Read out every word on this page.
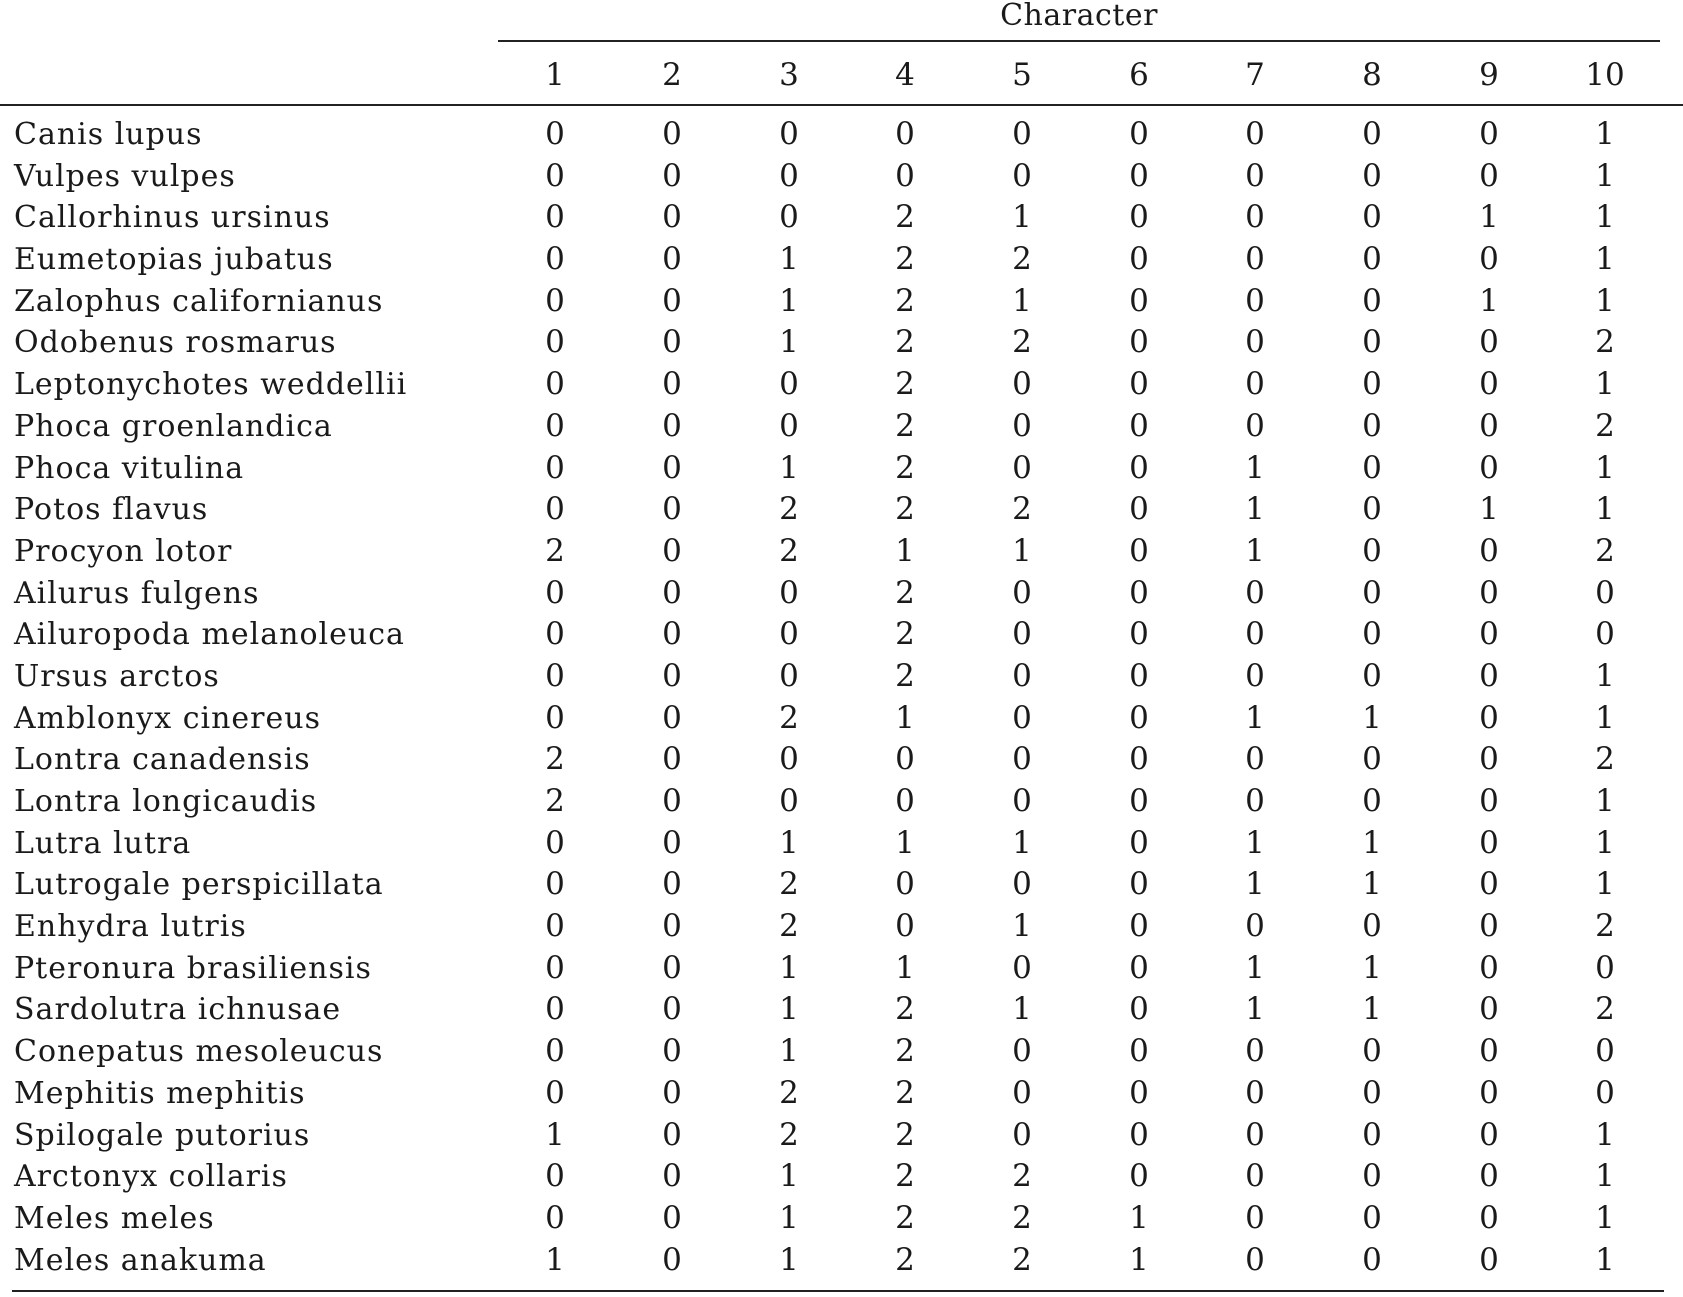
Character
1	2	3	4	5	6	7	8	9	10
Canis lupus	0	0	0	0	0	0	0	0	0	1
Vulpes vulpes	0	0	0	0	0	0	0	0	0	1
Callorhinus ursinus	0	0	0	2	1	0	0	0	1	1
Eumetopias jubatus	0	0	1	2	2	0	0	0	0	1
Zalophus californianus	0	0	1	2	1	0	0	0	1	1
Odobenus rosmarus	0	0	1	2	2	0	0	0	0	2
Leptonychotes weddellii	0	0	0	2	0	0	0	0	0	1
Phoca groenlandica	0	0	0	2	0	0	0	0	0	2
Phoca vitulina	0	0	1	2	0	0	1	0	0	1
Potos flavus	0	0	2	2	2	0	1	0	1	1
Procyon lotor	2	0	2	1	1	0	1	0	0	2
Ailurus fulgens	0	0	0	2	0	0	0	0	0	0
Ailuropoda melanoleuca	0	0	0	2	0	0	0	0	0	0
Ursus arctos	0	0	0	2	0	0	0	0	0	1
Amblonyx cinereus	0	0	2	1	0	0	1	1	0	1
Lontra canadensis	2	0	0	0	0	0	0	0	0	2
Lontra longicaudis	2	0	0	0	0	0	0	0	0	1
Lutra lutra	0	0	1	1	1	0	1	1	0	1
Lutrogale perspicillata	0	0	2	0	0	0	1	1	0	1
Enhydra lutris	0	0	2	0	1	0	0	0	0	2
Pteronura brasiliensis	0	0	1	1	0	0	1	1	0	0
Sardolutra ichnusae	0	0	1	2	1	0	1	1	0	2
Conepatus mesoleucus	0	0	1	2	0	0	0	0	0	0
Mephitis mephitis	0	0	2	2	0	0	0	0	0	0
Spilogale putorius	1	0	2	2	0	0	0	0	0	1
Arctonyx collaris	0	0	1	2	2	0	0	0	0	1
Meles meles	0	0	1	2	2	1	0	0	0	1
Meles anakuma	1	0	1	2	2	1	0	0	0	1
